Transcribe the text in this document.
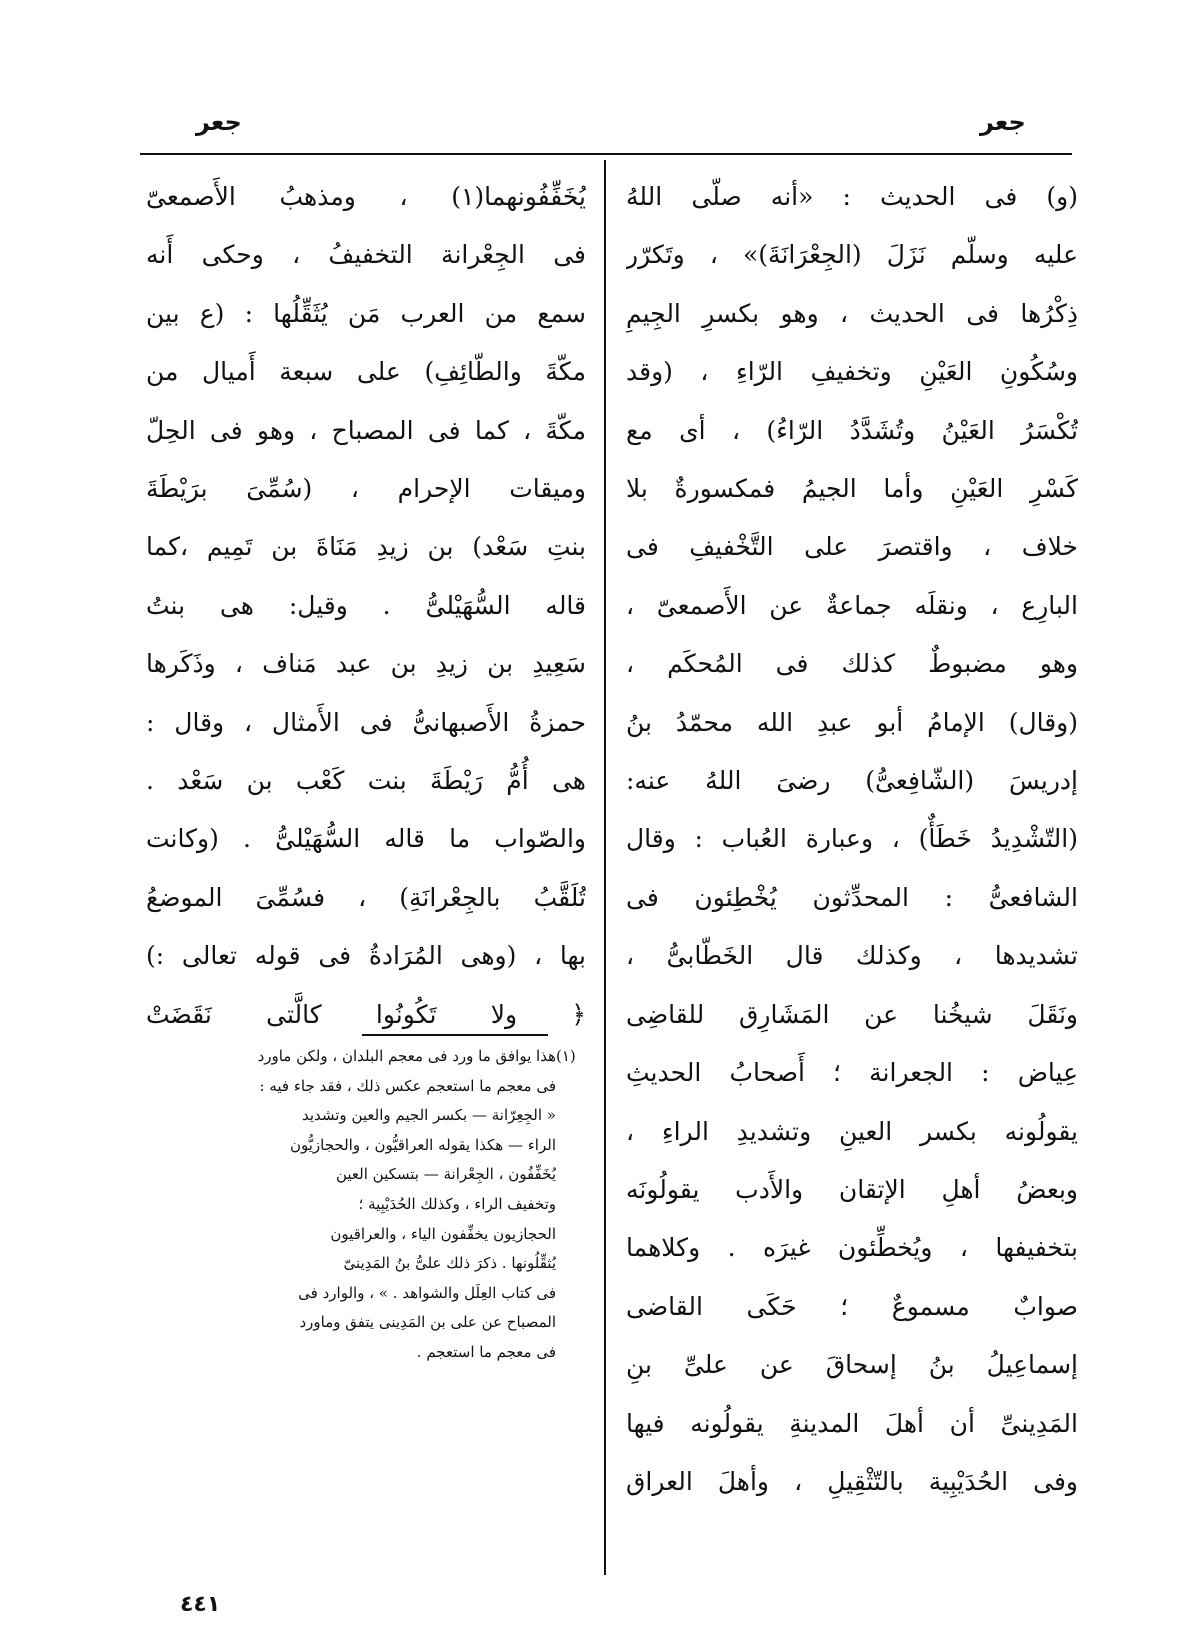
جعر
جعر
(و) فى الحديث : «أنه صلّى اللهُ
عليه وسلّم نَزَلَ (الجِعْرَانَةَ)» ، وتَكرّر
ذِكْرُها فى الحديث ، وهو بكسرِ الجِيمِ
وسُكُونِ العَيْنِ وتخفيفِ الرّاءِ ، (وقد
تُكْسَرُ العَيْنُ وتُشَدَّدُ الرّاءُ) ، أى مع
كَسْرِ العَيْنِ وأما الجيمُ فمكسورةٌ بلا
خلاف ، واقتصرَ على التَّخْفيفِ فى
البارِع ، ونقلَه جماعةٌ عن الأَصمعىّ ،
وهو مضبوطٌ كذلك فى المُحكَم ،
(وقال) الإمامُ أبو عبدِ الله محمّدُ بنُ
إدريسَ (الشّافِعىُّ) رضىَ اللهُ عنه:
(التّشْدِيدُ خَطَأٌ) ، وعبارة العُباب : وقال
الشافعىُّ : المحدِّثون يُخْطِئون فى
تشديدها ، وكذلك قال الخَطّابىُّ ،
ونَقَلَ شيخُنا عن المَشَارِق للقاضِى
عِياض : الجعرانة ؛ أَصحابُ الحديثِ
يقولُونه بكسر العينِ وتشديدِ الراءِ ،
وبعضُ أهلِ الإتقان والأَدب يقولُونَه
بتخفيفها ، ويُخطِّئون غيرَه . وكلاهما
صوابٌ مسموعٌ ؛ حَكَى القاضى
إسماعِيلُ بنُ إسحاقَ عن علىِّ بنِ
المَدِينىِّ أن أهلَ المدينةِ يقولُونه فيها
وفى الحُدَيْبِية بالتّثْقِيلِ ، وأهلَ العراق
يُخَفِّفُونهما(١) ، ومذهبُ الأَصمعىّ
فى الجِعْرانة التخفيفُ ، وحكى أَنه
سمع من العرب مَن يُثَقِّلُها : (ع بين
مكّةَ والطّائِفِ) على سبعة أَميال من
مكّةَ ، كما فى المصباح ، وهو فى الحِلّ
وميقات الإحرام ، (سُمِّىَ برَيْطَةَ
بنتِ سَعْد) بن زيدِ مَنَاةَ بن تَمِيم ،كما
قاله السُّهَيْلىُّ . وقيل: هى بنتُ
سَعِيدِ بن زيدِ بن عبد مَناف ، وذَكَرها
حمزةُ الأَصبهانىُّ فى الأَمثال ، وقال :
هى أُمُّ رَيْطَةَ بنت كَعْب بن سَعْد .
والصّواب ما قاله السُّهَيْلىُّ . (وكانت
تُلَقَّبُ بالجِعْرانَةِ) ، فسُمِّىَ الموضعُ
بها ، (وهى المُرَادةُ فى قوله تعالى :)
﴿ ولا تَكُونُوا كالَّتى نَقَضَتْ
(١)
هذا يوافق ما ورد فى معجم البلدان ، ولكن ماورد
فى معجم ما استعجم عكس ذلك ، فقد جاء فيه :
« الجِعِرّانة — بكسر الجيم والعين وتشديد
الراء — هكذا يقوله العراقيُّون ، والحجازيُّون
يُخَفِّفُون ، الجِعْرانة — بتسكين العين
وتخفيف الراء ، وكذلك الحُدَيْبِية ؛
الحجازيون يخفِّفون الياء ، والعراقيون
يُثقِّلُونها . ذكرَ ذلك علىُّ بنُ المَدِينىّ
فى كتاب العِلَل والشواهد . » ، والوارد فى
المصباح عن على بن المَدِينى يتفق وماورد
فى معجم ما استعجم .
٤٤١
